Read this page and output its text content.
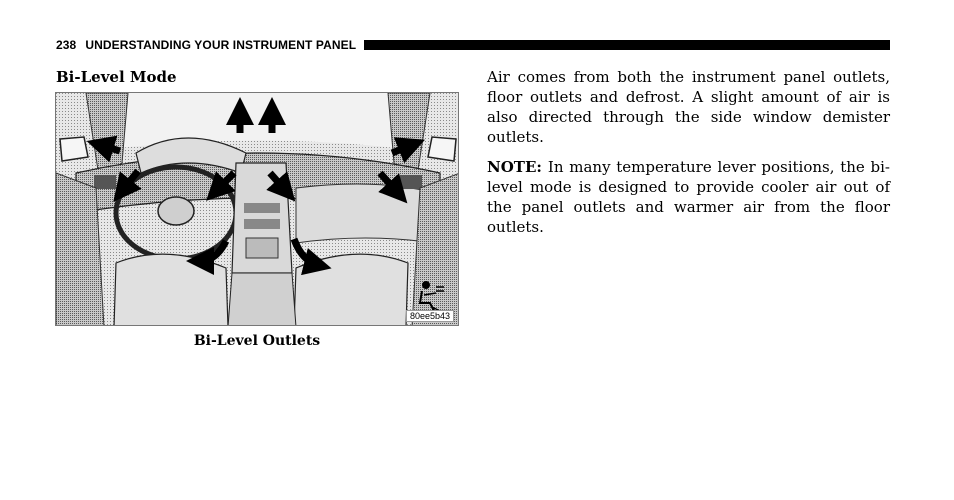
238 UNDERSTANDING YOUR INSTRUMENT PANEL
Bi-Level Mode
80ee5b43
Bi-Level Outlets

Air comes from both the instrument panel outlets, floor outlets and defrost. A slight amount of air is also directed through the side window demister outlets.

NOTE: In many temperature lever positions, the bi-level mode is designed to provide cooler air out of the panel outlets and warmer air from the floor outlets.
